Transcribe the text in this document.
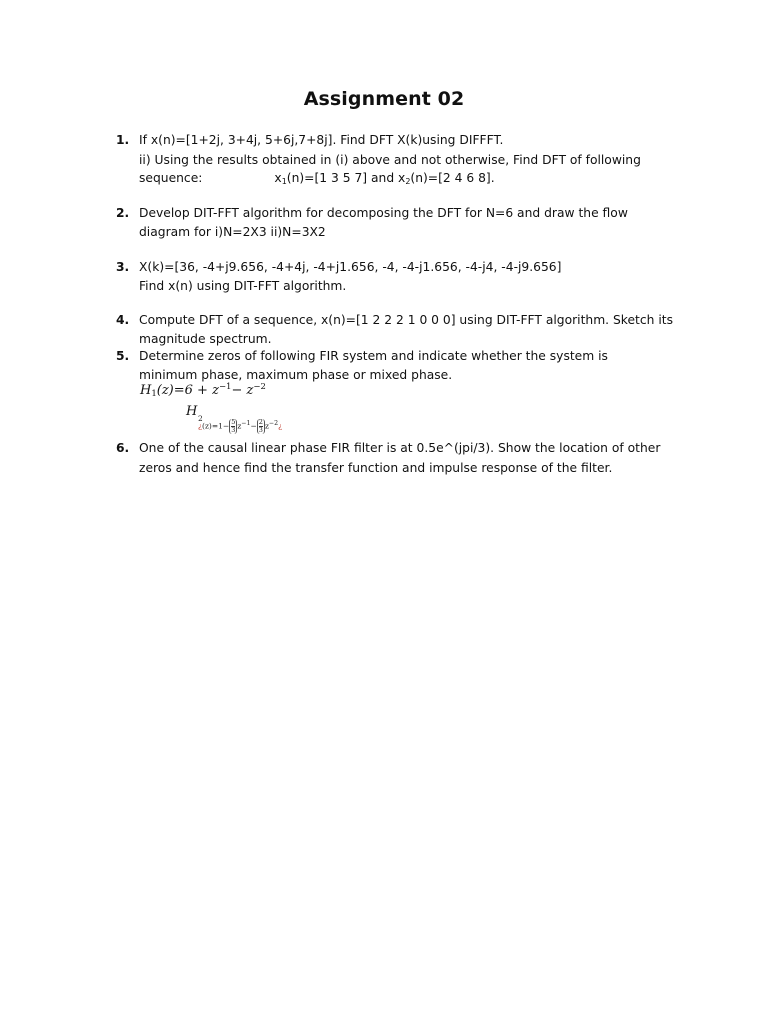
Assignment 02
1. If x(n)=[1+2j, 3+4j, 5+6j,7+8j]. Find DFT X(k)using DIFFFT.
ii) Using the results obtained in (i) above and not otherwise, Find DFT of following
sequence:	$x_1(n)=[1$ 3 5 7] and $x_2(n)=[2$ 4 6 8].
2. Develop DIT-FFT algorithm for decomposing the DFT for N=6 and draw the flow
diagram for i)N=2X3 ii)N=3X2
3. X(k)=[36, -4+j9.656, -4+4j, -4+j1.656, -4, -4-j1.656, -4-j4, -4-j9.656]
Find x(n) using DIT-FFT algorithm.
4. Compute DFT of a sequence, x(n)=[1 2 2 2 1 0 0 0] using DIT-FFT algorithm. Sketch its
magnitude spectrum.
5. Determine zeros of following FIR system and indicate whether the system is
minimum phase, maximum phase or mixed phase.
$H_1(z)=6 + z^{-1}- z^{-2}$
H 2
¿$(z)=1- \frac{5}{3} z^{-1}- \frac{2}{3}$ $z^{-2}¿$
6. One of the causal linear phase FIR filter is at 0.5e^(jpi/3). Show the location of other
zeros and hence find the transfer function and impulse response of the filter.
